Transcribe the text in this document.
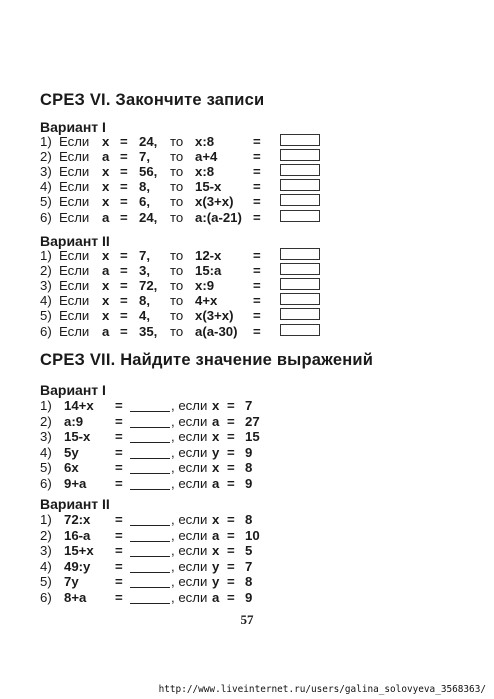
СРЕЗ VI. Закончите записи
Вариант I
1) Если x = 24, то x:8	=
2) Если a = 7, то a+4	=
3) Если x = 56, то x:8	=
4) Если x = 8, то 15-x =
5) Если x = 6, то x(3+x) =
6) Если a = 24, то a:(a-21) =
Вариант II
1) Если x = 7, то 12-x =
2) Если a = 3, то 15:a =
3) Если x = 72, то x:9	=
4) Если x = 8, то 4+x	=
5) Если x = 4, то x(3+x) =
6) Если a = 35, то a(a-30) =
СРЕЗ VII. Найдите значение выражений
Вариант I
1) 14+x =	, если x = 7
2) a:9 =	, если a = 27
3) 15-x =	, если x = 15
4) 5y	=	, если y = 9
5) 6x	=	, если x = 8
6) 9+a =	, если a = 9
Вариант II
1) 72:x =	, если x = 8
2) 16-a =	, если a = 10
3) 15+x =	, если x = 5
4) 49:y =	, если y = 7
5) 7y	=	, если y = 8
6) 8+a =	, если a = 9
57
http://www.liveinternet.ru/users/galina_solovyeva_3568363/
